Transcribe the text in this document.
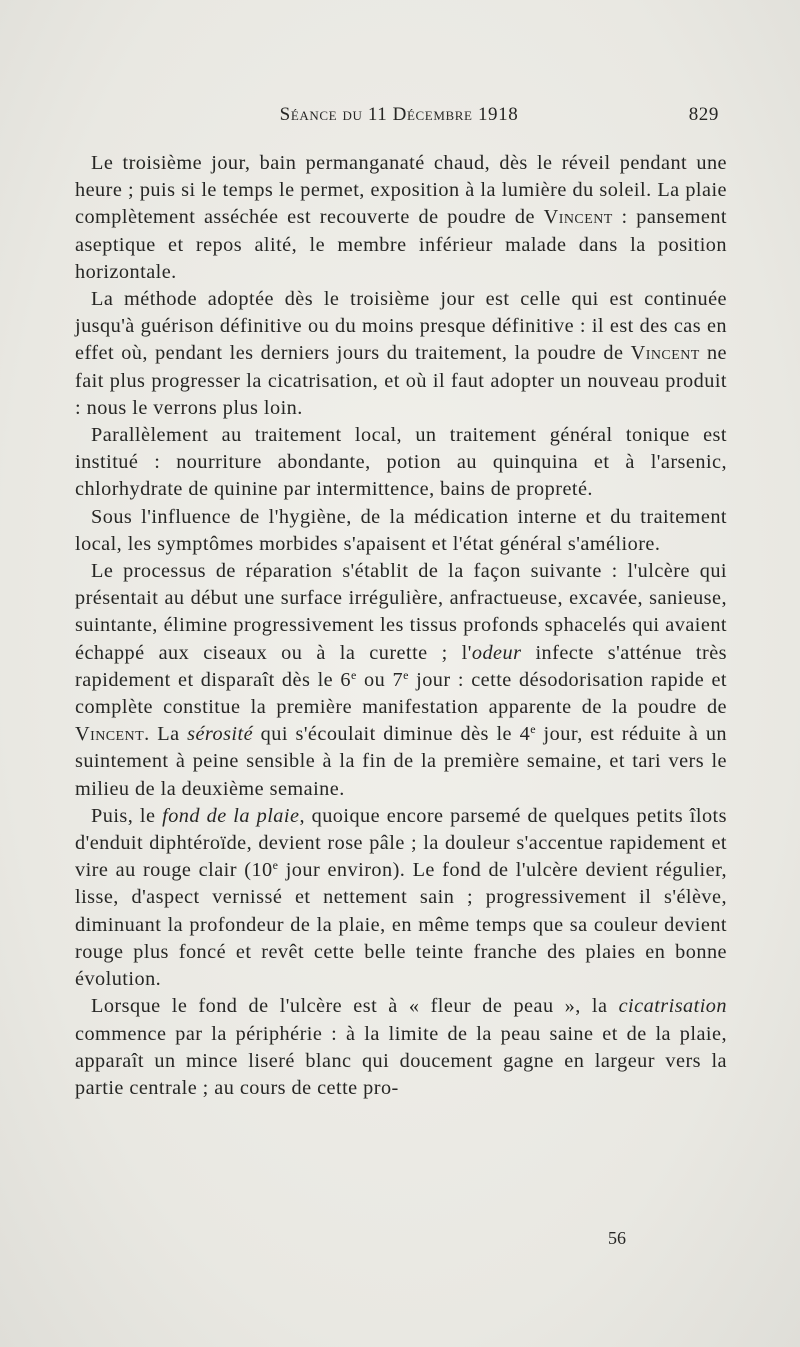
Séance du 11 Décembre 1918	829

Le troisième jour, bain permanganaté chaud, dès le réveil pendant une heure ; puis si le temps le permet, exposition à la lumière du soleil. La plaie complètement asséchée est recouverte de poudre de Vincent : pansement aseptique et repos alité, le membre inférieur malade dans la position horizontale.

La méthode adoptée dès le troisième jour est celle qui est continuée jusqu'à guérison définitive ou du moins presque définitive : il est des cas en effet où, pendant les derniers jours du traitement, la poudre de Vincent ne fait plus progresser la cicatrisation, et où il faut adopter un nouveau produit : nous le verrons plus loin.

Parallèlement au traitement local, un traitement général tonique est institué : nourriture abondante, potion au quinquina et à l'arsenic, chlorhydrate de quinine par intermittence, bains de propreté.

Sous l'influence de l'hygiène, de la médication interne et du traitement local, les symptômes morbides s'apaisent et l'état général s'améliore.

Le processus de réparation s'établit de la façon suivante : l'ulcère qui présentait au début une surface irrégulière, anfractueuse, excavée, sanieuse, suintante, élimine progressivement les tissus profonds sphacelés qui avaient échappé aux ciseaux ou à la curette ; l'odeur infecte s'atténue très rapidement et disparaît dès le 6e ou 7e jour : cette désodorisation rapide et complète constitue la première manifestation apparente de la poudre de Vincent. La sérosité qui s'écoulait diminue dès le 4e jour, est réduite à un suintement à peine sensible à la fin de la première semaine, et tari vers le milieu de la deuxième semaine.

Puis, le fond de la plaie, quoique encore parsemé de quelques petits îlots d'enduit diphtéroïde, devient rose pâle ; la douleur s'accentue rapidement et vire au rouge clair (10e jour environ). Le fond de l'ulcère devient régulier, lisse, d'aspect vernissé et nettement sain ; progressivement il s'élève, diminuant la profondeur de la plaie, en même temps que sa couleur devient rouge plus foncé et revêt cette belle teinte franche des plaies en bonne évolution.

Lorsque le fond de l'ulcère est à « fleur de peau », la cicatrisation commence par la périphérie : à la limite de la peau saine et de la plaie, apparaît un mince liseré blanc qui doucement gagne en largeur vers la partie centrale ; au cours de cette pro-

56
